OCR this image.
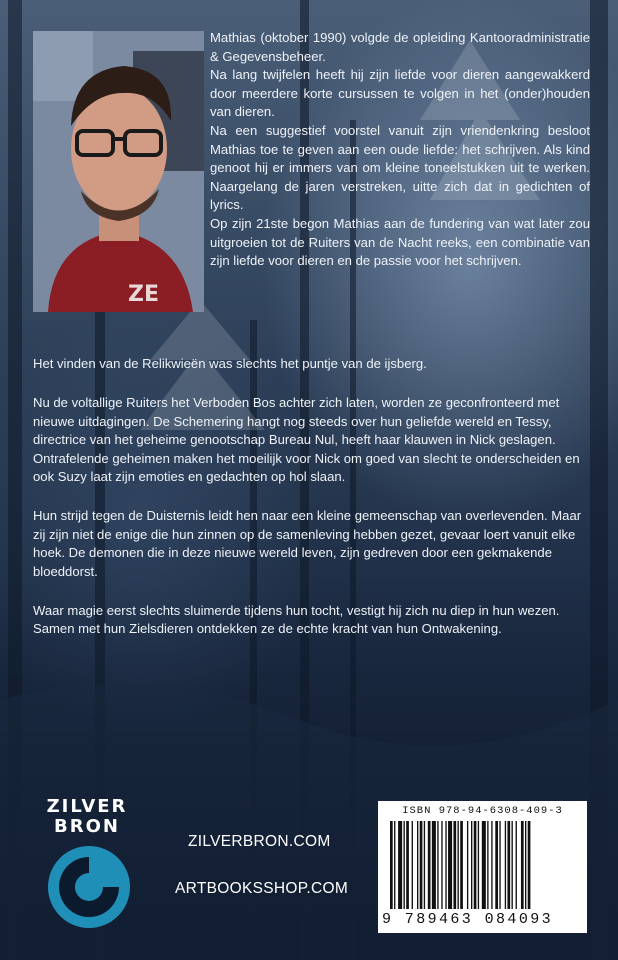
ZE

Mathias (oktober 1990) volgde de opleiding Kantooradministratie & Gegevensbeheer.

Na lang twijfelen heeft hij zijn liefde voor dieren aangewakkerd door meerdere korte cursussen te volgen in het (onder)houden van dieren.

Na een suggestief voorstel vanuit zijn vriendenkring besloot Mathias toe te geven aan een oude liefde: het schrijven. Als kind genoot hij er immers van om kleine toneelstukken uit te werken. Naargelang de jaren verstreken, uitte zich dat in gedichten of lyrics.

Op zijn 21ste begon Mathias aan de fundering van wat later zou uitgroeien tot de Ruiters van de Nacht reeks, een combinatie van zijn liefde voor dieren en de passie voor het schrijven.

Het vinden van de Relikwieën was slechts het puntje van de ijsberg.

Nu de voltallige Ruiters het Verboden Bos achter zich laten, worden ze geconfronteerd met nieuwe uitdagingen. De Schemering hangt nog steeds over hun geliefde wereld en Tessy, directrice van het geheime genootschap Bureau Nul, heeft haar klauwen in Nick geslagen. Ontrafelende geheimen maken het moeilijk voor Nick om goed van slecht te onderscheiden en ook Suzy laat zijn emoties en gedachten op hol slaan.

Hun strijd tegen de Duisternis leidt hen naar een kleine gemeenschap van overlevenden. Maar zij zijn niet de enige die hun zinnen op de samenleving hebben gezet, gevaar loert vanuit elke hoek. De demonen die in deze nieuwe wereld leven, zijn gedreven door een gekmakende bloeddorst.

Waar magie eerst slechts sluimerde tijdens hun tocht, vestigt hij zich nu diep in hun wezen. Samen met hun Zielsdieren ontdekken ze de echte kracht van hun Ontwakening.

ZILVER
BRON
ZILVERBRON.COM
ARTBOOKSSHOP.COM
ISBN 978-94-6308-409-3
9 789463 084093
